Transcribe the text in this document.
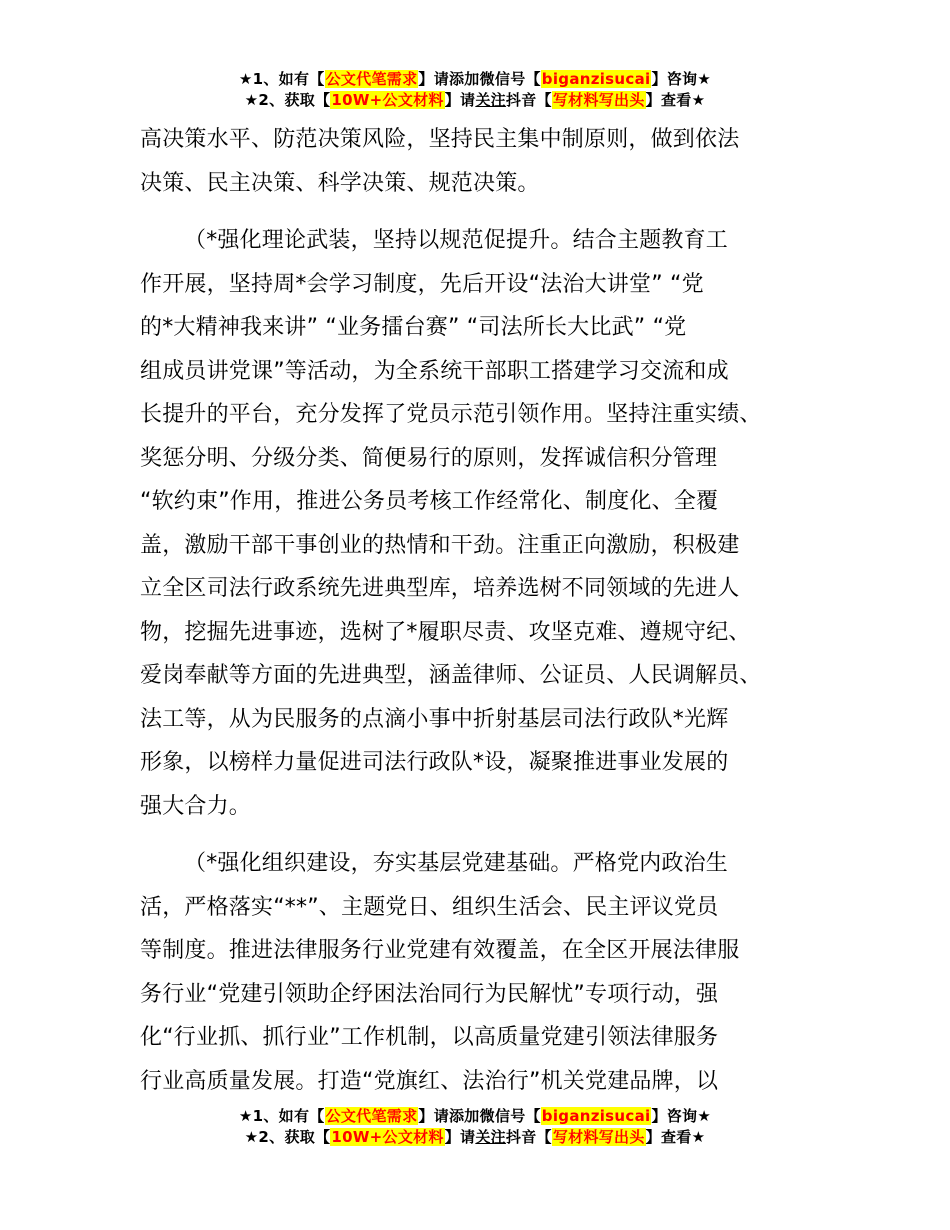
★1、如有【公文代笔需求】请添加微信号【biganzisucai】咨询★
★2、获取【10W+公文材料】请关注抖音【写材料写出头】查看★

高决策水平、防范决策风险，坚持民主集中制原则，做到依法
决策、民主决策、科学决策、规范决策。

（*强化理论武装，坚持以规范促提升。结合主题教育工
作开展，坚持周*会学习制度，先后开设“法治大讲堂” “党
的*大精神我来讲” “业务擂台赛” “司法所长大比武” “党
组成员讲党课”等活动，为全系统干部职工搭建学习交流和成
长提升的平台，充分发挥了党员示范引领作用。坚持注重实绩、
奖惩分明、分级分类、简便易行的原则，发挥诚信积分管理
“软约束”作用，推进公务员考核工作经常化、制度化、全覆
盖，激励干部干事创业的热情和干劲。注重正向激励，积极建
立全区司法行政系统先进典型库，培养选树不同领域的先进人
物，挖掘先进事迹，选树了*履职尽责、攻坚克难、遵规守纪、
爱岗奉献等方面的先进典型，涵盖律师、公证员、人民调解员、
法工等，从为民服务的点滴小事中折射基层司法行政队*光辉
形象，以榜样力量促进司法行政队*设，凝聚推进事业发展的
强大合力。

（*强化组织建设，夯实基层党建基础。严格党内政治生
活，严格落实“**”、主题党日、组织生活会、民主评议党员
等制度。推进法律服务行业党建有效覆盖，在全区开展法律服
务行业“党建引领助企纾困法治同行为民解忧”专项行动，强
化“行业抓、抓行业”工作机制，以高质量党建引领法律服务
行业高质量发展。打造“党旗红、法治行”机关党建品牌，以

★1、如有【公文代笔需求】请添加微信号【biganzisucai】咨询★
★2、获取【10W+公文材料】请关注抖音【写材料写出头】查看★
